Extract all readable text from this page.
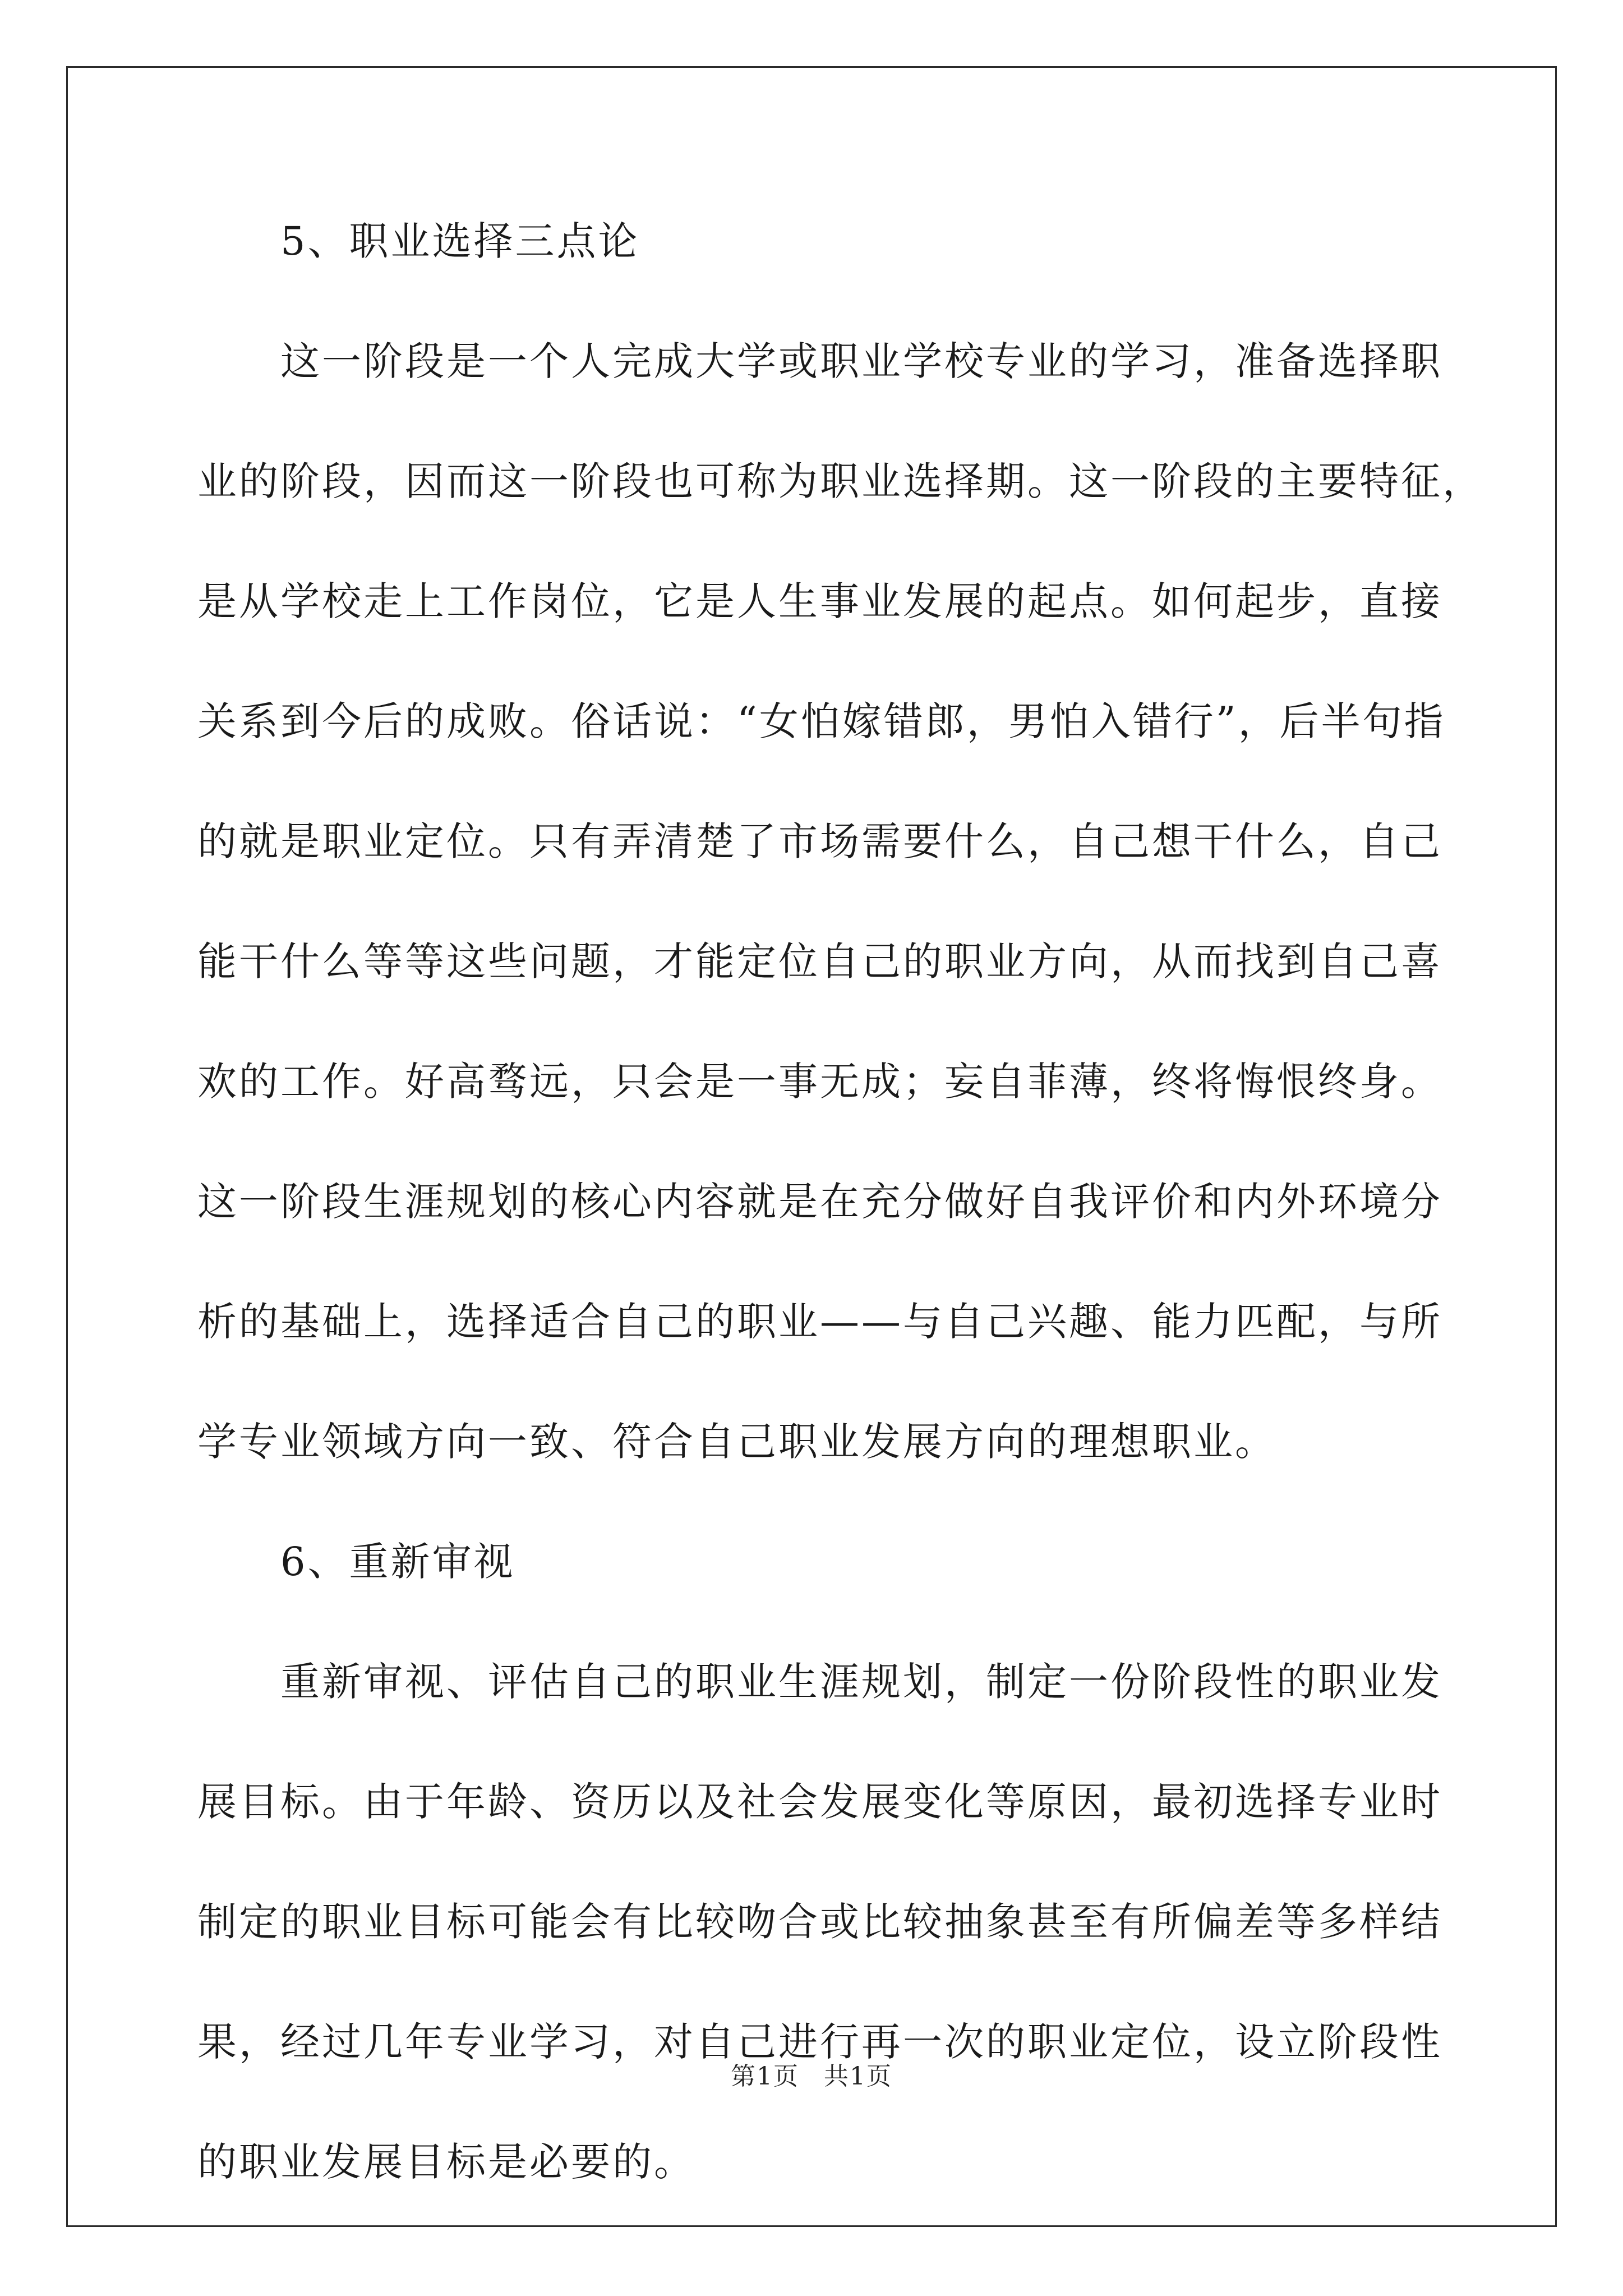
5、职业选择三点论

这一阶段是一个人完成大学或职业学校专业的学习，准备选择职

业的阶段，因而这一阶段也可称为职业选择期。这一阶段的主要特征，

是从学校走上工作岗位，它是人生事业发展的起点。如何起步，直接

关系到今后的成败。俗话说：“女怕嫁错郎，男怕入错行”，后半句指

的就是职业定位。只有弄清楚了市场需要什么，自己想干什么，自己

能干什么等等这些问题，才能定位自己的职业方向，从而找到自己喜

欢的工作。好高骛远，只会是一事无成；妄自菲薄，终将悔恨终身。

这一阶段生涯规划的核心内容就是在充分做好自我评价和内外环境分

析的基础上，选择适合自己的职业——与自己兴趣、能力匹配，与所

学专业领域方向一致、符合自己职业发展方向的理想职业。

6、重新审视

重新审视、评估自己的职业生涯规划，制定一份阶段性的职业发

展目标。由于年龄、资历以及社会发展变化等原因，最初选择专业时

制定的职业目标可能会有比较吻合或比较抽象甚至有所偏差等多样结

果，经过几年专业学习，对自己进行再一次的职业定位，设立阶段性

的职业发展目标是必要的。

第1页 共1页
